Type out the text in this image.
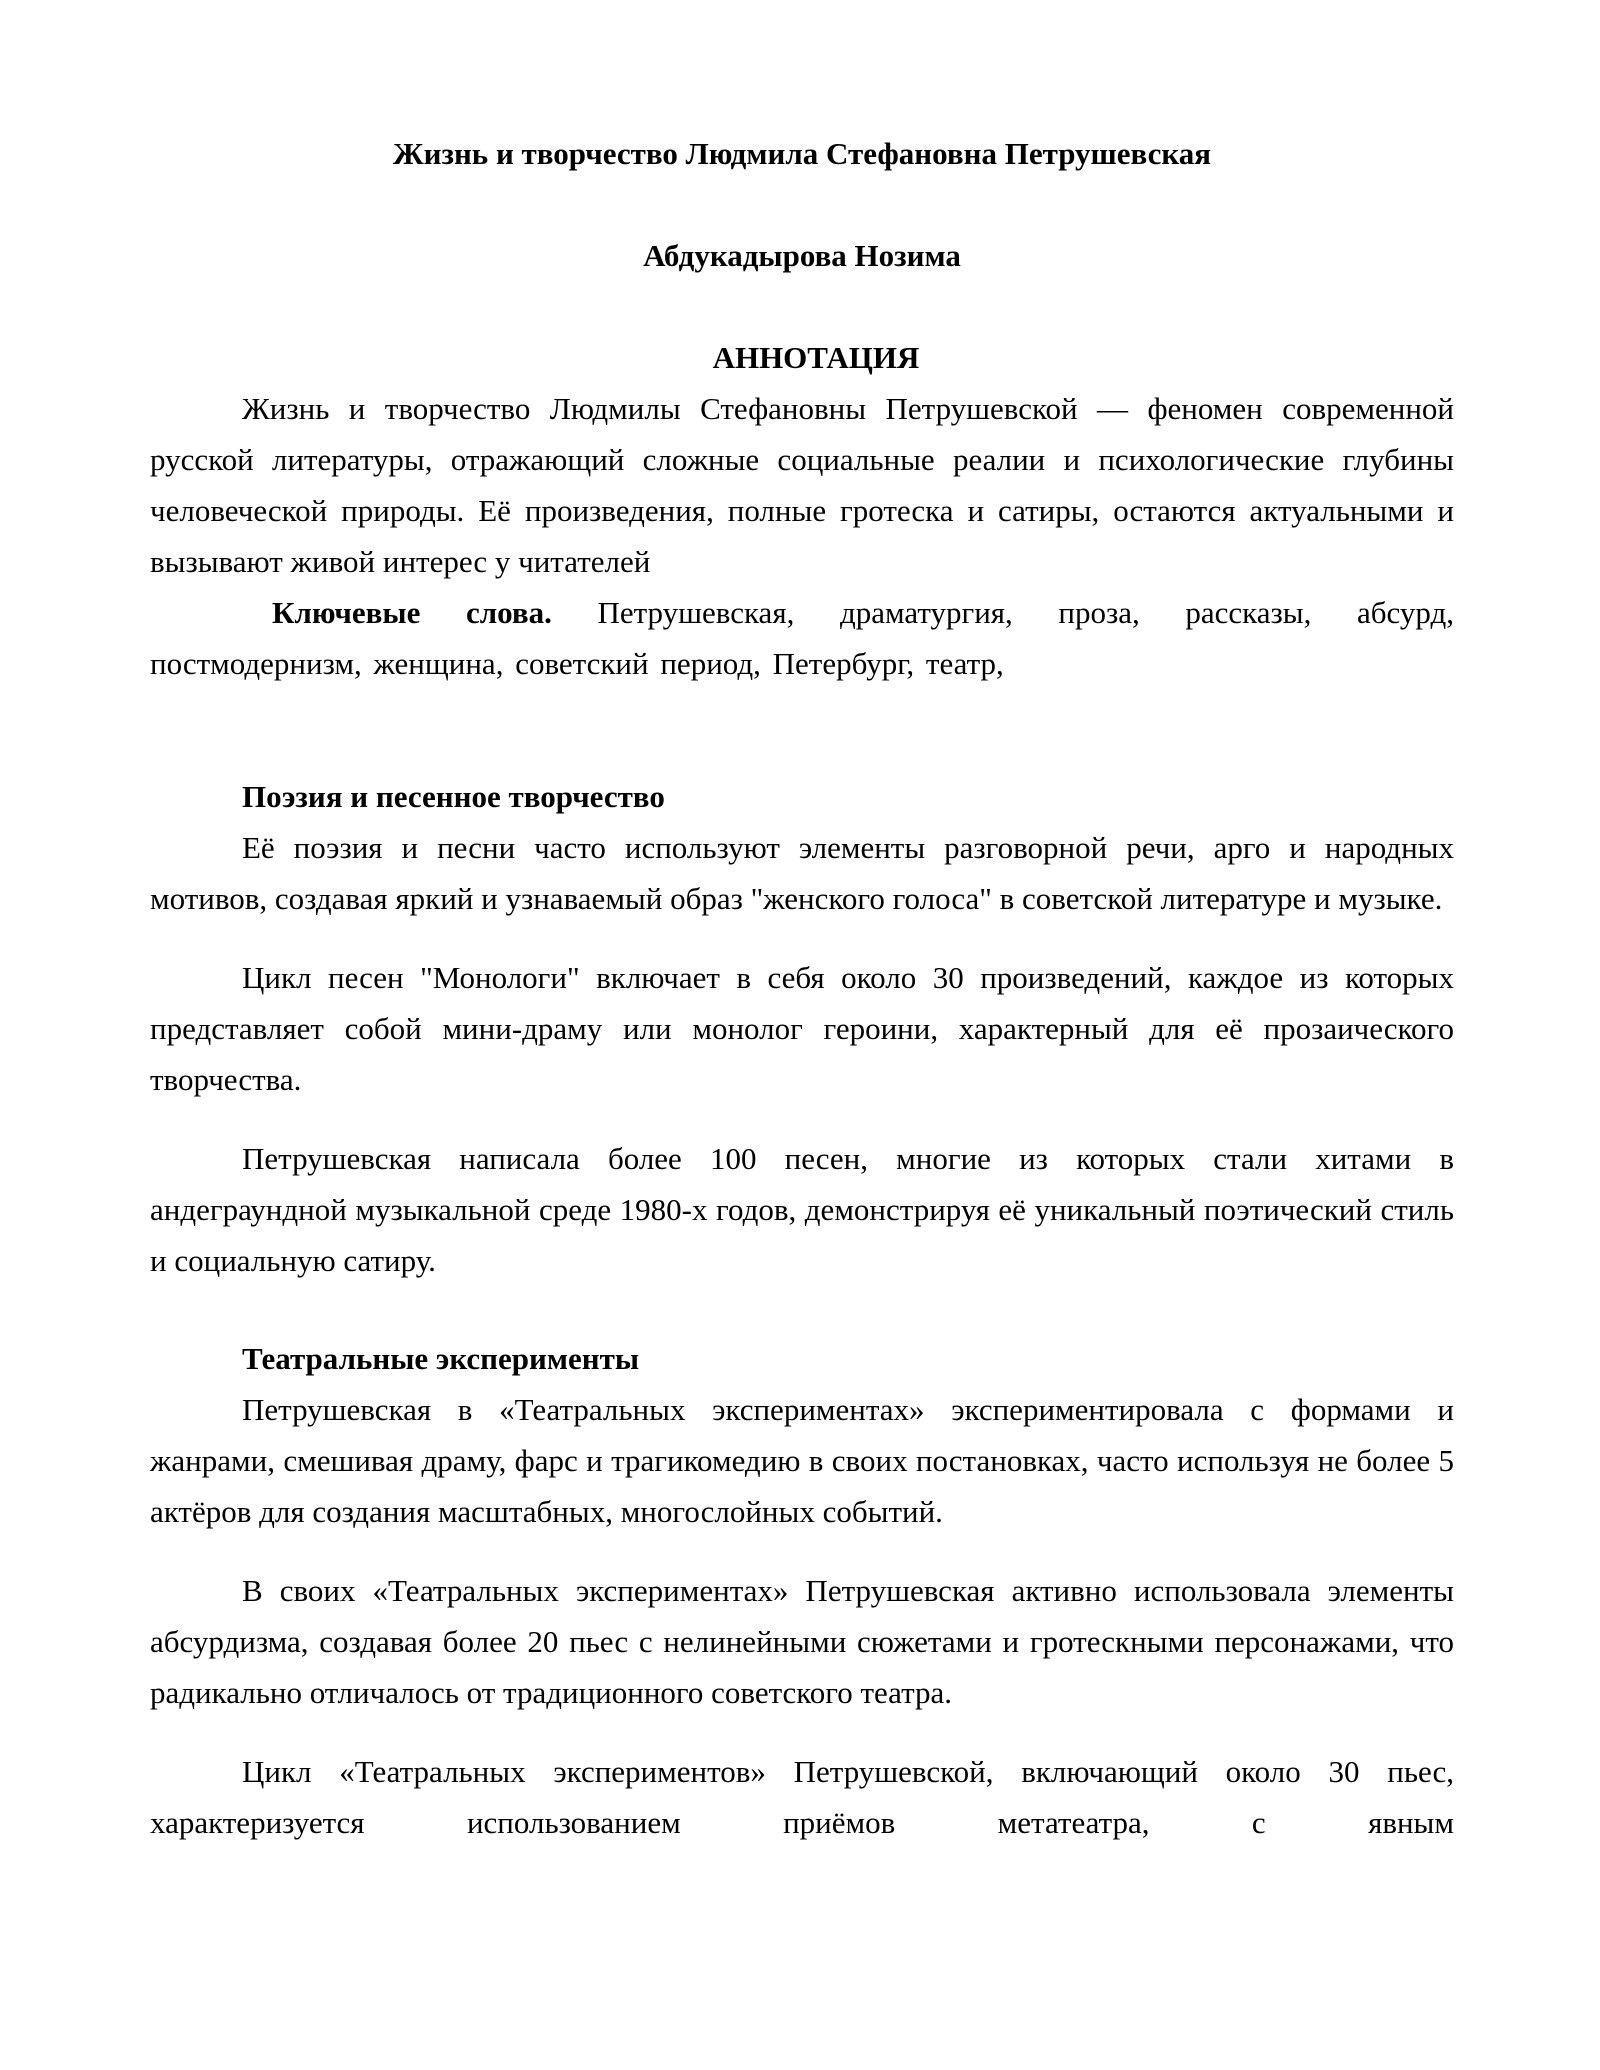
Жизнь и творчество Людмила Стефановна Петрушевская

Абдукадырова Нозима

АННОТАЦИЯ

Жизнь и творчество Людмилы Стефановны Петрушевской — феномен современной русской литературы, отражающий сложные социальные реалии и психологические глубины человеческой природы. Её произведения, полные гротеска и сатиры, остаются актуальными и вызывают живой интерес у читателей

Ключевые слова. Петрушевская, драматургия, проза, рассказы, абсурд, постмодернизм, женщина, советский период, Петербург, театр,

Поэзия и песенное творчество

Её поэзия и песни часто используют элементы разговорной речи, арго и народных мотивов, создавая яркий и узнаваемый образ "женского голоса" в советской литературе и музыке.

Цикл песен "Монологи" включает в себя около 30 произведений, каждое из которых представляет собой мини-драму или монолог героини, характерный для её прозаического творчества.

Петрушевская написала более 100 песен, многие из которых стали хитами в андеграундной музыкальной среде 1980-х годов, демонстрируя её уникальный поэтический стиль и социальную сатиру.

Театральные эксперименты

Петрушевская в «Театральных экспериментах» экспериментировала с формами и жанрами, смешивая драму, фарс и трагикомедию в своих постановках, часто используя не более 5 актёров для создания масштабных, многослойных событий.

В своих «Театральных экспериментах» Петрушевская активно использовала элементы абсурдизма, создавая более 20 пьес с нелинейными сюжетами и гротескными персонажами, что радикально отличалось от традиционного советского театра.

Цикл «Театральных экспериментов» Петрушевской, включающий около 30 пьес, характеризуется использованием приёмов метатеатра, с явным
